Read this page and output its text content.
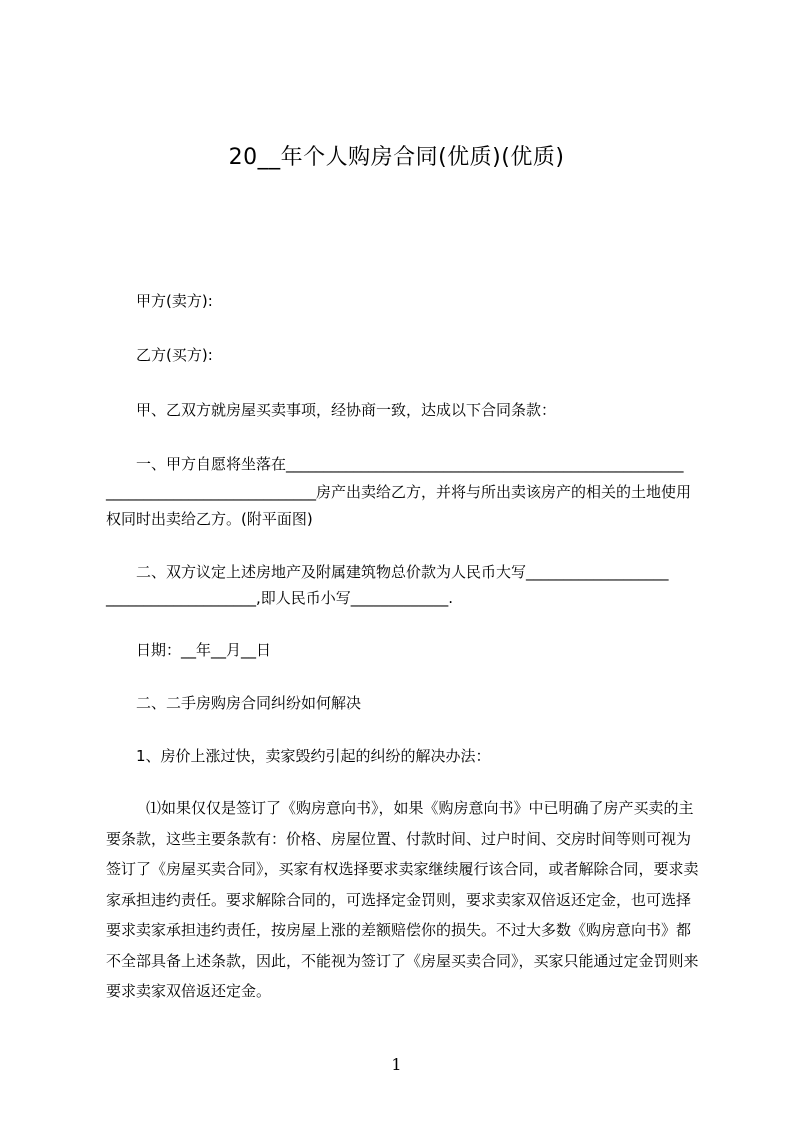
20__年个人购房合同(优质)(优质)
甲方(卖方):
乙方(买方):
甲、乙双方就房屋买卖事项，经协商一致，达成以下合同条款：
一、甲方自愿将坐落在_____________________________________________________
____________________________房产出卖给乙方，并将与所出卖该房产的相关的土地使用
权同时出卖给乙方。(附平面图)
二、双方议定上述房地产及附属建筑物总价款为人民币大写___________________
____________________,即人民币小写_____________.
日期：__年__月__日
二、二手房购房合同纠纷如何解决
1、房价上涨过快，卖家毁约引起的纠纷的解决办法：
⑴如果仅仅是签订了《购房意向书》，如果《购房意向书》中已明确了房产买卖的主要条款，这些主要条款有：价格、房屋位置、付款时间、过户时间、交房时间等则可视为签订了《房屋买卖合同》，买家有权选择要求卖家继续履行该合同，或者解除合同，要求卖家承担违约责任。要求解除合同的，可选择定金罚则，要求卖家双倍返还定金，也可选择要求卖家承担违约责任，按房屋上涨的差额赔偿你的损失。不过大多数《购房意向书》都不全部具备上述条款，因此，不能视为签订了《房屋买卖合同》，买家只能通过定金罚则来要求卖家双倍返还定金。
1
